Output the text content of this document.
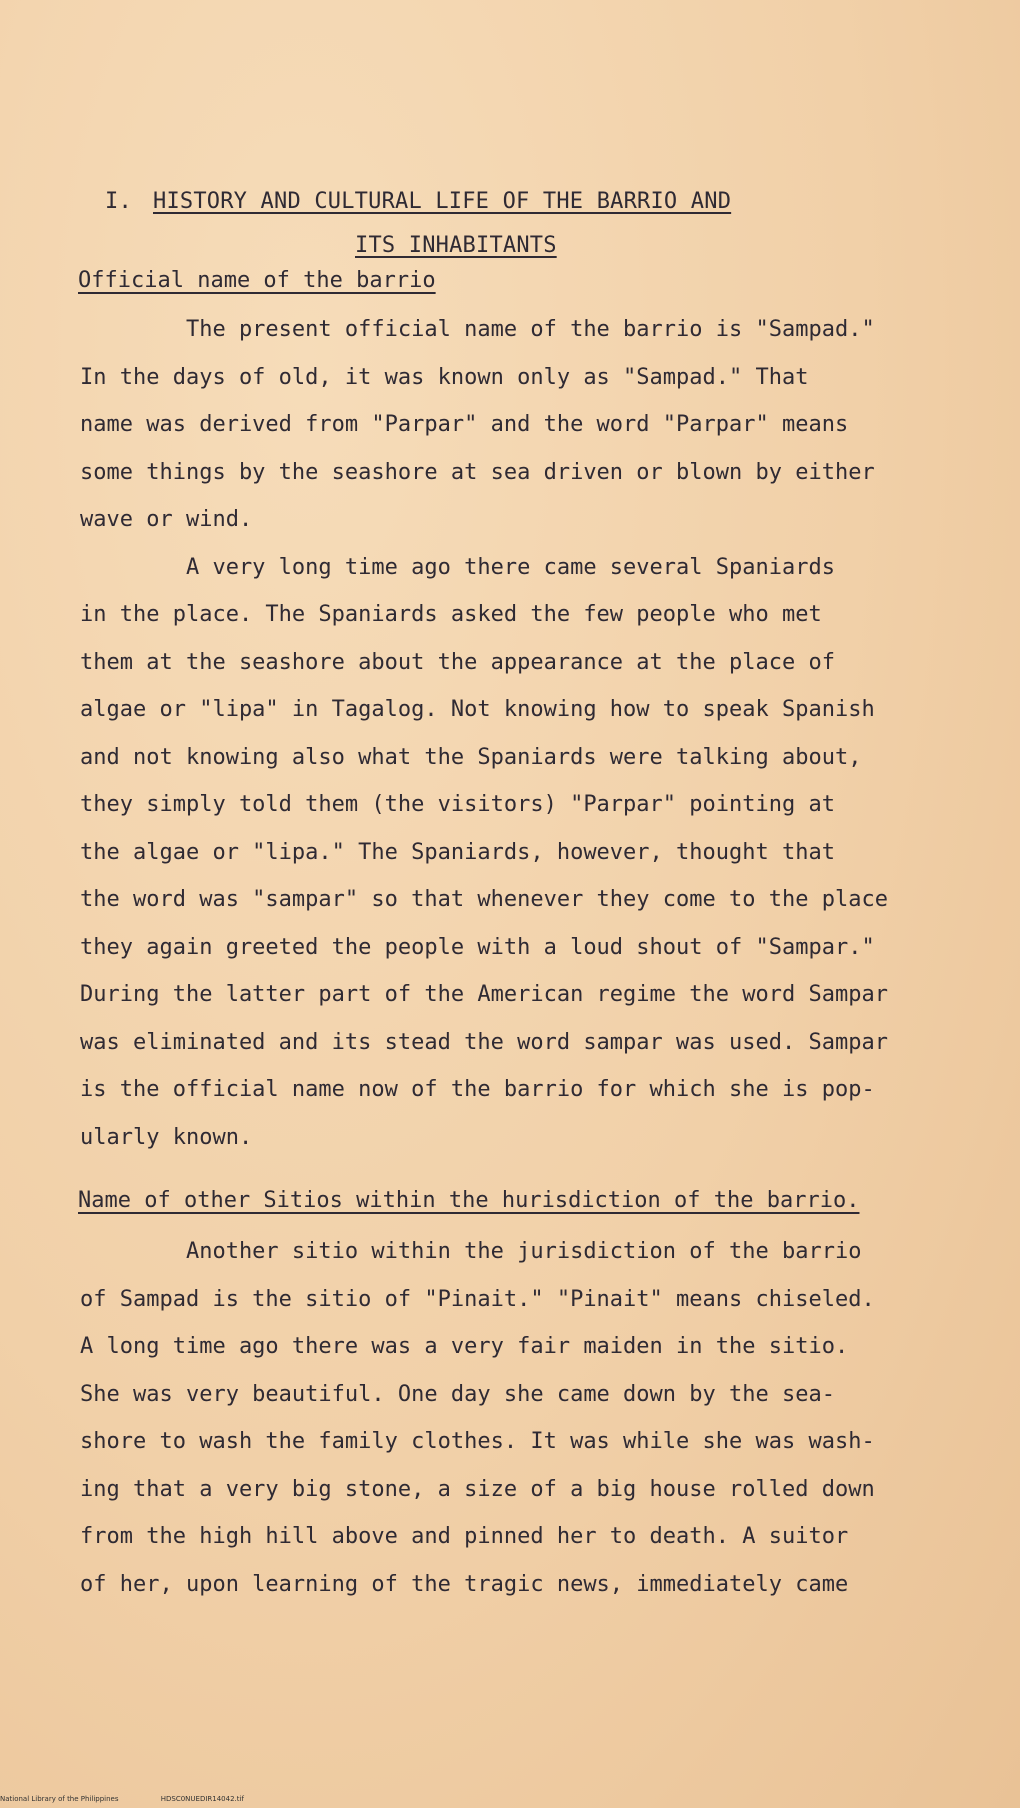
I. HISTORY AND CULTURAL LIFE OF THE BARRIO AND
ITS INHABITANTS
Official name of the barrio

The present official name of the barrio is "Sampad."

In the days of old, it was known only as "Sampad." That

name was derived from "Parpar" and the word "Parpar" means

some things by the seashore at sea driven or blown by either

wave or wind.

A very long time ago there came several Spaniards

in the place. The Spaniards asked the few people who met

them at the seashore about the appearance at the place of

algae or "lipa" in Tagalog. Not knowing how to speak Spanish

and not knowing also what the Spaniards were talking about,

they simply told them (the visitors) "Parpar" pointing at

the algae or "lipa." The Spaniards, however, thought that

the word was "sampar" so that whenever they come to the place

they again greeted the people with a loud shout of "Sampar."

During the latter part of the American regime the word Sampar

was eliminated and its stead the word sampar was used. Sampar

is the official name now of the barrio for which she is pop-

ularly known.

Name of other Sitios within the hurisdiction of the barrio.

Another sitio within the jurisdiction of the barrio

of Sampad is the sitio of "Pinait." "Pinait" means chiseled.

A long time ago there was a very fair maiden in the sitio.

She was very beautiful. One day she came down by the sea-

shore to wash the family clothes. It was while she was wash-

ing that a very big stone, a size of a big house rolled down

from the high hill above and pinned her to death. A suitor

of her, upon learning of the tragic news, immediately came

National Library of the Philippines	HDSC0NUEDIR14042.tif
